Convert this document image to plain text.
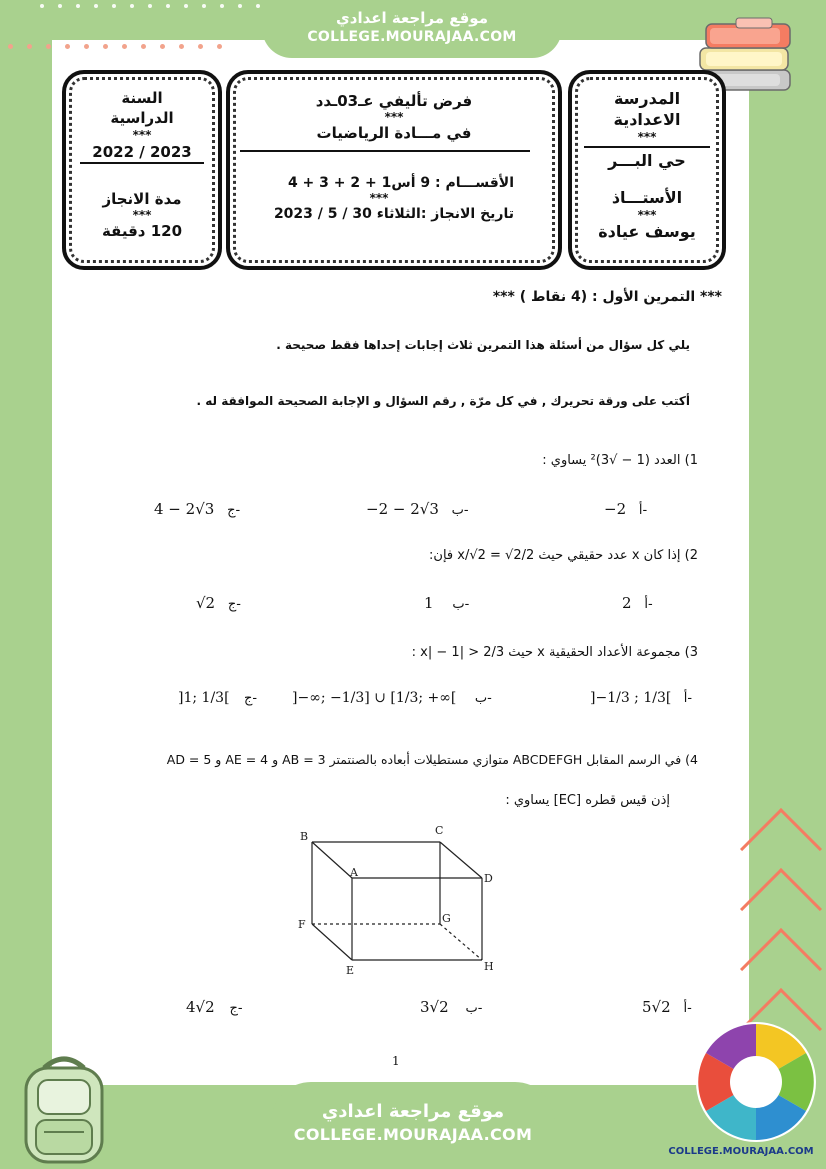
موقع مراجعة اعدادي
COLLEGE.MOURAJAA.COM
المدرسة
الاعدادية
***
حي البـــر
الأستـــاذ
***
يوسف عيادة
فرض تأليفي عـ03ـدد
***
في مـــادة الرياضيات
الأقســـام : 9 أس1 + 2 + 3 + 4
***
تاريخ الانجاز :الثلاثاء 30 / 5 / 2023
السنة
الدراسية
***
2023 / 2022
مدة الانجاز
***
120 دقيقة
*** التمرين الأول : (4 نقاط ) ***
يلي كل سؤال من أسئلة هذا التمرين ثلاث إجابات إحداها فقط صحيحة .
أكتب على ورقة تحريرك , في كل مرّة , رقم السؤال و الإجابة الصحيحة الموافقة له .
1) العدد (1 − √3)² يساوي :
−2 أ-
−2 − 2√3 ب-
4 − 2√3 ج-
2) إذا كان x عدد حقيقي حيث x/√2 = √2/2 فإن:
2 أ-
1 ب-
√2 ج-
3) مجموعة الأعداد الحقيقية x حيث 2/3 < |x| − 1 :
]−1/3 ; 1/3[ أ-
]−∞; −1/3] ∪ [1/3; +∞[ ب-
]1; 1/3[ ج-
4) في الرسم المقابل ABCDEFGH متوازي مستطيلات أبعاده بالصنتمتر AB = 3 و AE = 4 و AD = 5
إذن قيس قطره [EC] يساوي :
B	C
A	D
F	G
E	H
5√2 أ-
3√2 ب-
4√2 ج-
1
موقع مراجعة اعدادي
COLLEGE.MOURAJAA.COM
COLLEGE.MOURAJAA.COM
